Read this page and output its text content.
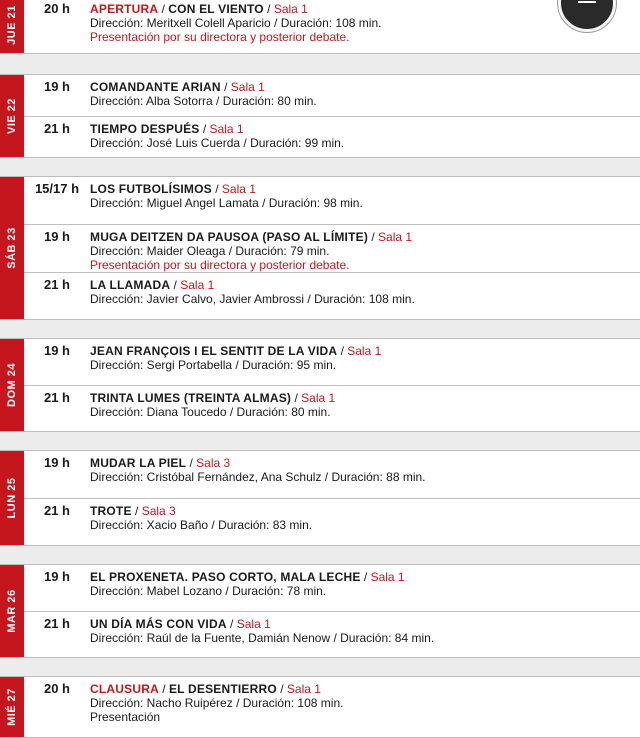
JUE 21	20 h	APERTURA / CON EL VIENTO / Sala 1
Dirección: Meritxell Colell Aparicio / Duración: 108 min.
Presentación por su directora y posterior debate.
VIE 22
19 h	COMANDANTE ARIAN / Sala 1
Dirección: Alba Sotorra / Duración: 80 min.
21 h	TIEMPO DESPUÉS / Sala 1
Dirección: José Luis Cuerda / Duración: 99 min.
SÁB 23
15/17 h LOS FUTBOLÍSIMOS / Sala 1
Dirección: Miguel Angel Lamata / Duración: 98 min.
19 h	MUGA DEITZEN DA PAUSOA (PASO AL LÍMITE) / Sala 1
Dirección: Maider Oleaga / Duración: 79 min.
Presentación por su directora y posterior debate.
21 h	LA LLAMADA / Sala 1
Dirección: Javier Calvo, Javier Ambrossi / Duración: 108 min.
DOM 24
19 h	JEAN FRANÇOIS I EL SENTIT DE LA VIDA / Sala 1
Dirección: Sergi Portabella / Duración: 95 min.
21 h	TRINTA LUMES (TREINTA ALMAS) / Sala 1
Dirección: Diana Toucedo / Duración: 80 min.
LUN 25
19 h	MUDAR LA PIEL / Sala 3
Dirección: Cristóbal Fernández, Ana Schulz / Duración: 88 min.
21 h	TROTE / Sala 3
Dirección: Xacio Baño / Duración: 83 min.
MAR 26
19 h	EL PROXENETA. PASO CORTO, MALA LECHE / Sala 1
Dirección: Mabel Lozano / Duración: 78 min.
21 h	UN DÍA MÁS CON VIDA / Sala 1
Dirección: Raúl de la Fuente, Damián Nenow / Duración: 84 min.
MIÉ 27	20 h	CLAUSURA / EL DESENTIERRO / Sala 1
Dirección: Nacho Ruipérez / Duración: 108 min.
Presentación
